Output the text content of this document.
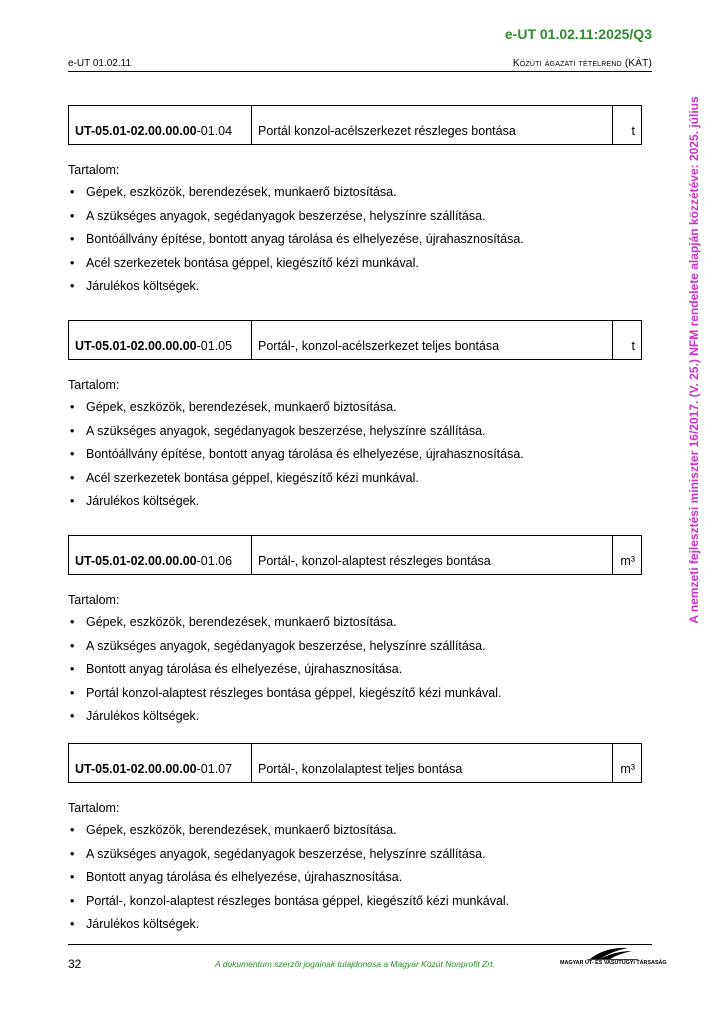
e-UT 01.02.11:2025/Q3
e-UT 01.02.11	Közúti ágazati tételrend (KÁT)
A nemzeti fejlesztési miniszter 16/2017. (V. 25.) NFM rendelete alapján közzétéve: 2025. július
UT-05.01-02.00.00.00-01.04	Portál konzol-acélszerkezet részleges bontása	t
Tartalom:
• Gépek, eszközök, berendezések, munkaerő biztosítása.
• A szükséges anyagok, segédanyagok beszerzése, helyszínre szállítása.
• Bontóállvány építése, bontott anyag tárolása és elhelyezése, újrahasznosítása.
• Acél szerkezetek bontása géppel, kiegészítő kézi munkával.
• Járulékos költségek.
UT-05.01-02.00.00.00-01.05	Portál-, konzol-acélszerkezet teljes bontása	t
Tartalom:
• Gépek, eszközök, berendezések, munkaerő biztosítása.
• A szükséges anyagok, segédanyagok beszerzése, helyszínre szállítása.
• Bontóállvány építése, bontott anyag tárolása és elhelyezése, újrahasznosítása.
• Acél szerkezetek bontása géppel, kiegészítő kézi munkával.
• Járulékos költségek.
UT-05.01-02.00.00.00-01.06	Portál-, konzol-alaptest részleges bontása	m³
Tartalom:
• Gépek, eszközök, berendezések, munkaerő biztosítása.
• A szükséges anyagok, segédanyagok beszerzése, helyszínre szállítása.
• Bontott anyag tárolása és elhelyezése, újrahasznosítása.
• Portál konzol-alaptest részleges bontása géppel, kiegészítő kézi munkával.
• Járulékos költségek.
UT-05.01-02.00.00.00-01.07	Portál-, konzolalaptest teljes bontása	m³
Tartalom:
• Gépek, eszközök, berendezések, munkaerő biztosítása.
• A szükséges anyagok, segédanyagok beszerzése, helyszínre szállítása.
• Bontott anyag tárolása és elhelyezése, újrahasznosítása.
• Portál-, konzol-alaptest részleges bontása géppel, kiegészítő kézi munkával.
• Járulékos költségek.
32	A dokumentum szerzői jogainak tulajdonosa a Magyar Közút Nonprofit Zrt.	MAGYAR ÚT- ÉS VASÚTÜGYI TÁRSASÁG
